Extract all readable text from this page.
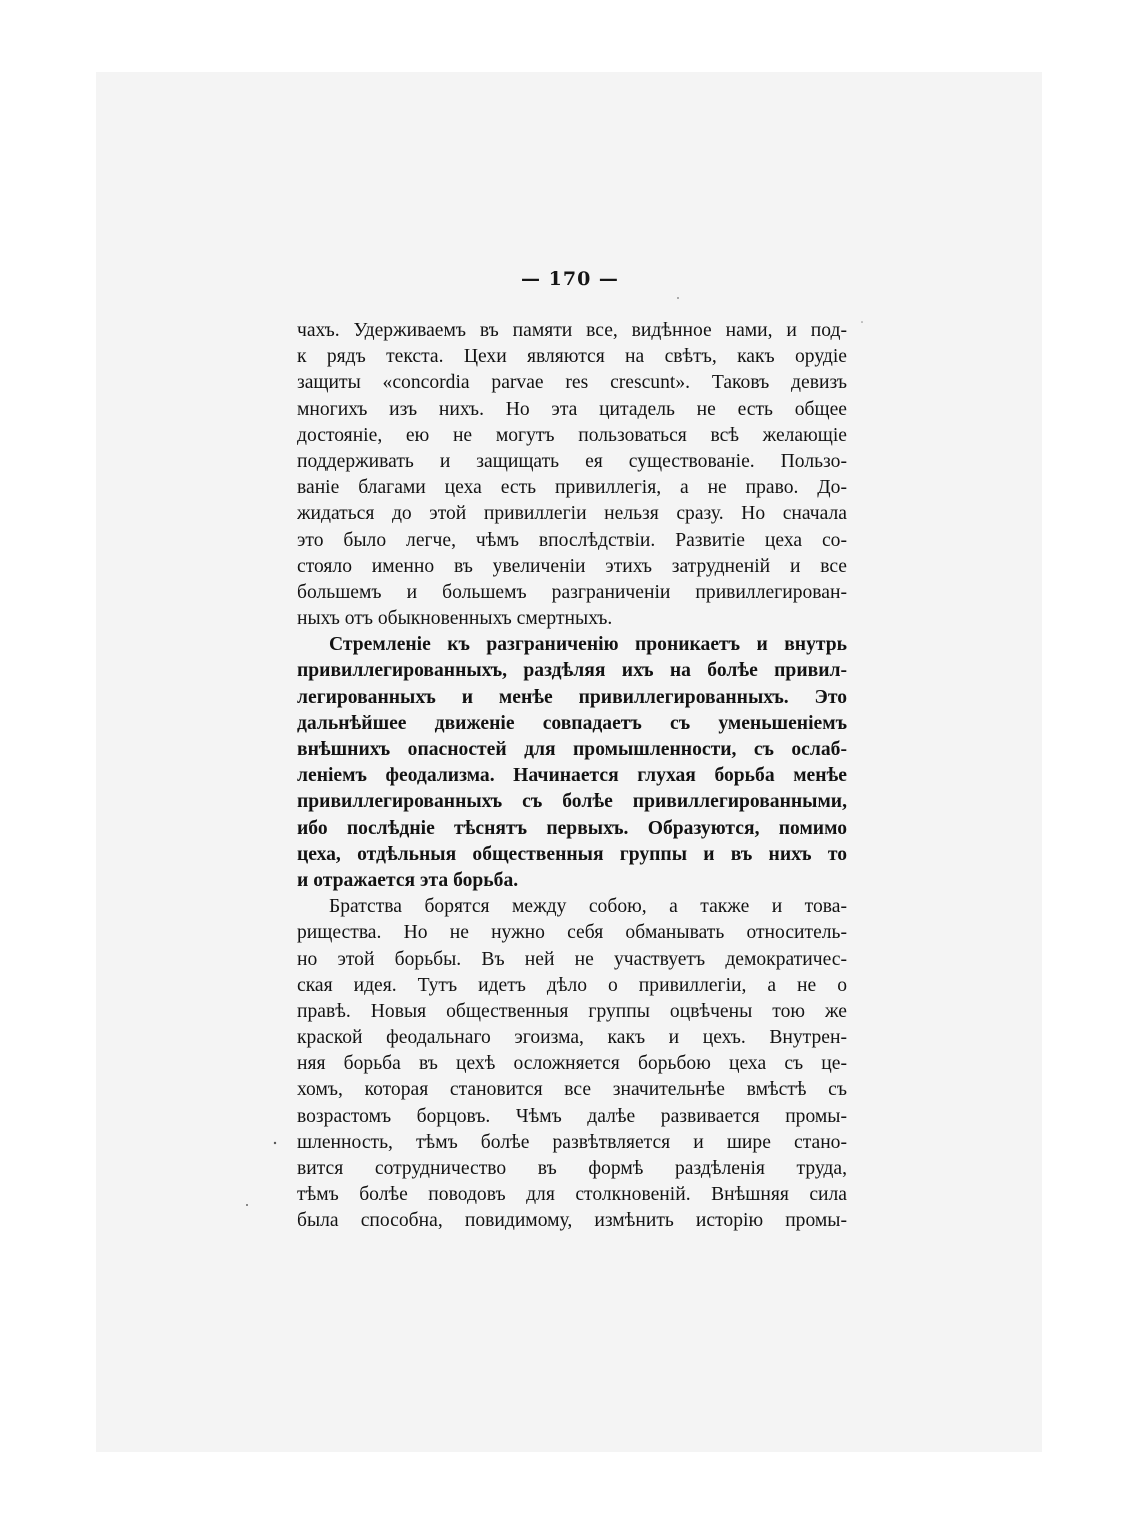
— 170 —
чахъ. Удерживаемъ въ памяти все, видѣнное нами, и под-
к рядъ текста. Цехи являются на свѣтъ, какъ орудіе
защиты «concordia parvae res crescunt». Таковъ девизъ
многихъ изъ нихъ. Но эта цитадель не есть общее
достояніе, ею не могутъ пользоваться всѣ желающіе
поддерживать и защищать ея существованіе. Пользо-
ваніе благами цеха есть привиллегія, а не право. До-
жидаться до этой привиллегіи нельзя сразу. Но сначала
это было легче, чѣмъ впослѣдствіи. Развитіе цеха со-
стояло именно въ увеличеніи этихъ затрудненій и все
большемъ и большемъ разграниченіи привиллегирован-
ныхъ отъ обыкновенныхъ смертныхъ.
Стремленіе къ разграниченію проникаетъ и внутрь
привиллегированныхъ, раздѣляя ихъ на болѣе привил-
легированныхъ и менѣе привиллегированныхъ. Это
дальнѣйшее движеніе совпадаетъ съ уменьшеніемъ
внѣшнихъ опасностей для промышленности, съ ослаб-
леніемъ феодализма. Начинается глухая борьба менѣе
привиллегированныхъ съ болѣе привиллегированными,
ибо послѣдніе тѣснятъ первыхъ. Образуются, помимо
цеха, отдѣльныя общественныя группы и въ нихъ то
и отражается эта борьба.
Братства борятся между собою, а также и това-
рищества. Но не нужно себя обманывать относитель-
но этой борьбы. Въ ней не участвуетъ демократичес-
ская идея. Тутъ идетъ дѣло о привиллегіи, а не о
правѣ. Новыя общественныя группы оцвѣчены тою же
краской феодальнаго эгоизма, какъ и цехъ. Внутрен-
няя борьба въ цехѣ осложняется борьбою цеха съ це-
хомъ, которая становится все значительнѣе вмѣстѣ съ
возрастомъ борцовъ. Чѣмъ далѣе развивается промы-
шленность, тѣмъ болѣе развѣтвляется и шире стано-
вится сотрудничество въ формѣ раздѣленія труда,
тѣмъ болѣе поводовъ для столкновеній. Внѣшняя сила
была способна, повидимому, измѣнить исторію промы-
